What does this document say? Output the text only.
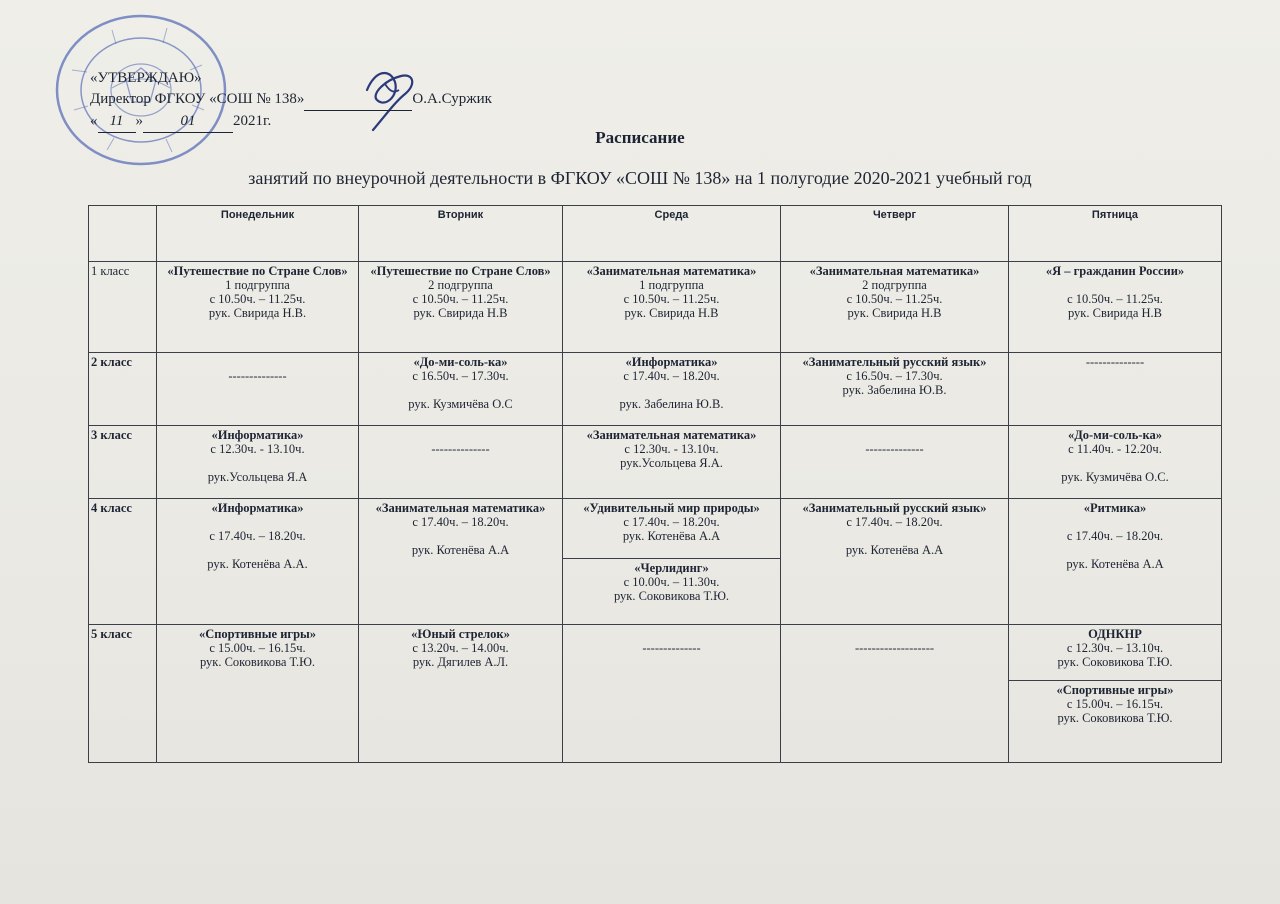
«УТВЕРЖДАЮ»
Директор ФГКОУ «СОШ № 138»	О.А.Суржик
« 11 »	01	2021г.
Расписание
занятий по внеурочной деятельности в ФГКОУ «СОШ № 138» на 1 полугодие 2020-2021 учебный год
	Понедельник	Вторник	Среда	Четверг	Пятница
1 класс	«Путешествие по Стране Слов»
1 подгруппа
с 10.50ч. – 11.25ч.
рук. Свирида Н.В.	«Путешествие по Стране Слов»
2 подгруппа
с 10.50ч. – 11.25ч.
рук. Свирида Н.В	«Занимательная математика»
1 подгруппа
с 10.50ч. – 11.25ч.
рук. Свирида Н.В	«Занимательная математика»
2 подгруппа
с 10.50ч. – 11.25ч.
рук. Свирида Н.В	«Я – гражданин России»
с 10.50ч. – 11.25ч.
рук. Свирида Н.В

2 класс	--------------	«До-ми-соль-ка»
с 16.50ч. – 17.30ч.
рук. Кузмичёва О.С	«Информатика»
с 17.40ч. – 18.20ч.
рук. Забелина Ю.В.	«Занимательный русский язык»
с 16.50ч. – 17.30ч.
рук. Забелина Ю.В.	--------------

3 класс	«Информатика»
с 12.30ч. - 13.10ч.
рук.Усольцева Я.А	--------------	«Занимательная математика»
с 12.30ч. - 13.10ч.
рук.Усольцева Я.А.	--------------	«До-ми-соль-ка»
с 11.40ч. - 12.20ч.
рук. Кузмичёва О.С.

4 класс	«Информатика»
с 17.40ч. – 18.20ч.
рук. Котенёва А.А.	«Занимательная математика»
с 17.40ч. – 18.20ч.
рук. Котенёва А.А	«Удивительный мир природы»
с 17.40ч. – 18.20ч.
рук. Котенёва А.А	«Занимательный русский язык»
с 17.40ч. – 18.20ч.
рук. Котенёва А.А	«Ритмика»
с 17.40ч. – 18.20ч.
рук. Котенёва А.А

			«Черлидинг»
с 10.00ч. – 11.30ч.
рук. Соковикова Т.Ю.		

5 класс	«Спортивные игры»
с 15.00ч. – 16.15ч.
рук. Соковикова Т.Ю.	«Юный стрелок»
с 13.20ч. – 14.00ч.
рук. Дягилев А.Л.	--------------	-------------------	ОДНКНР
с 12.30ч. – 13.10ч.
рук. Соковикова Т.Ю.

					«Спортивные игры»
с 15.00ч. – 16.15ч.
рук. Соковикова Т.Ю.
